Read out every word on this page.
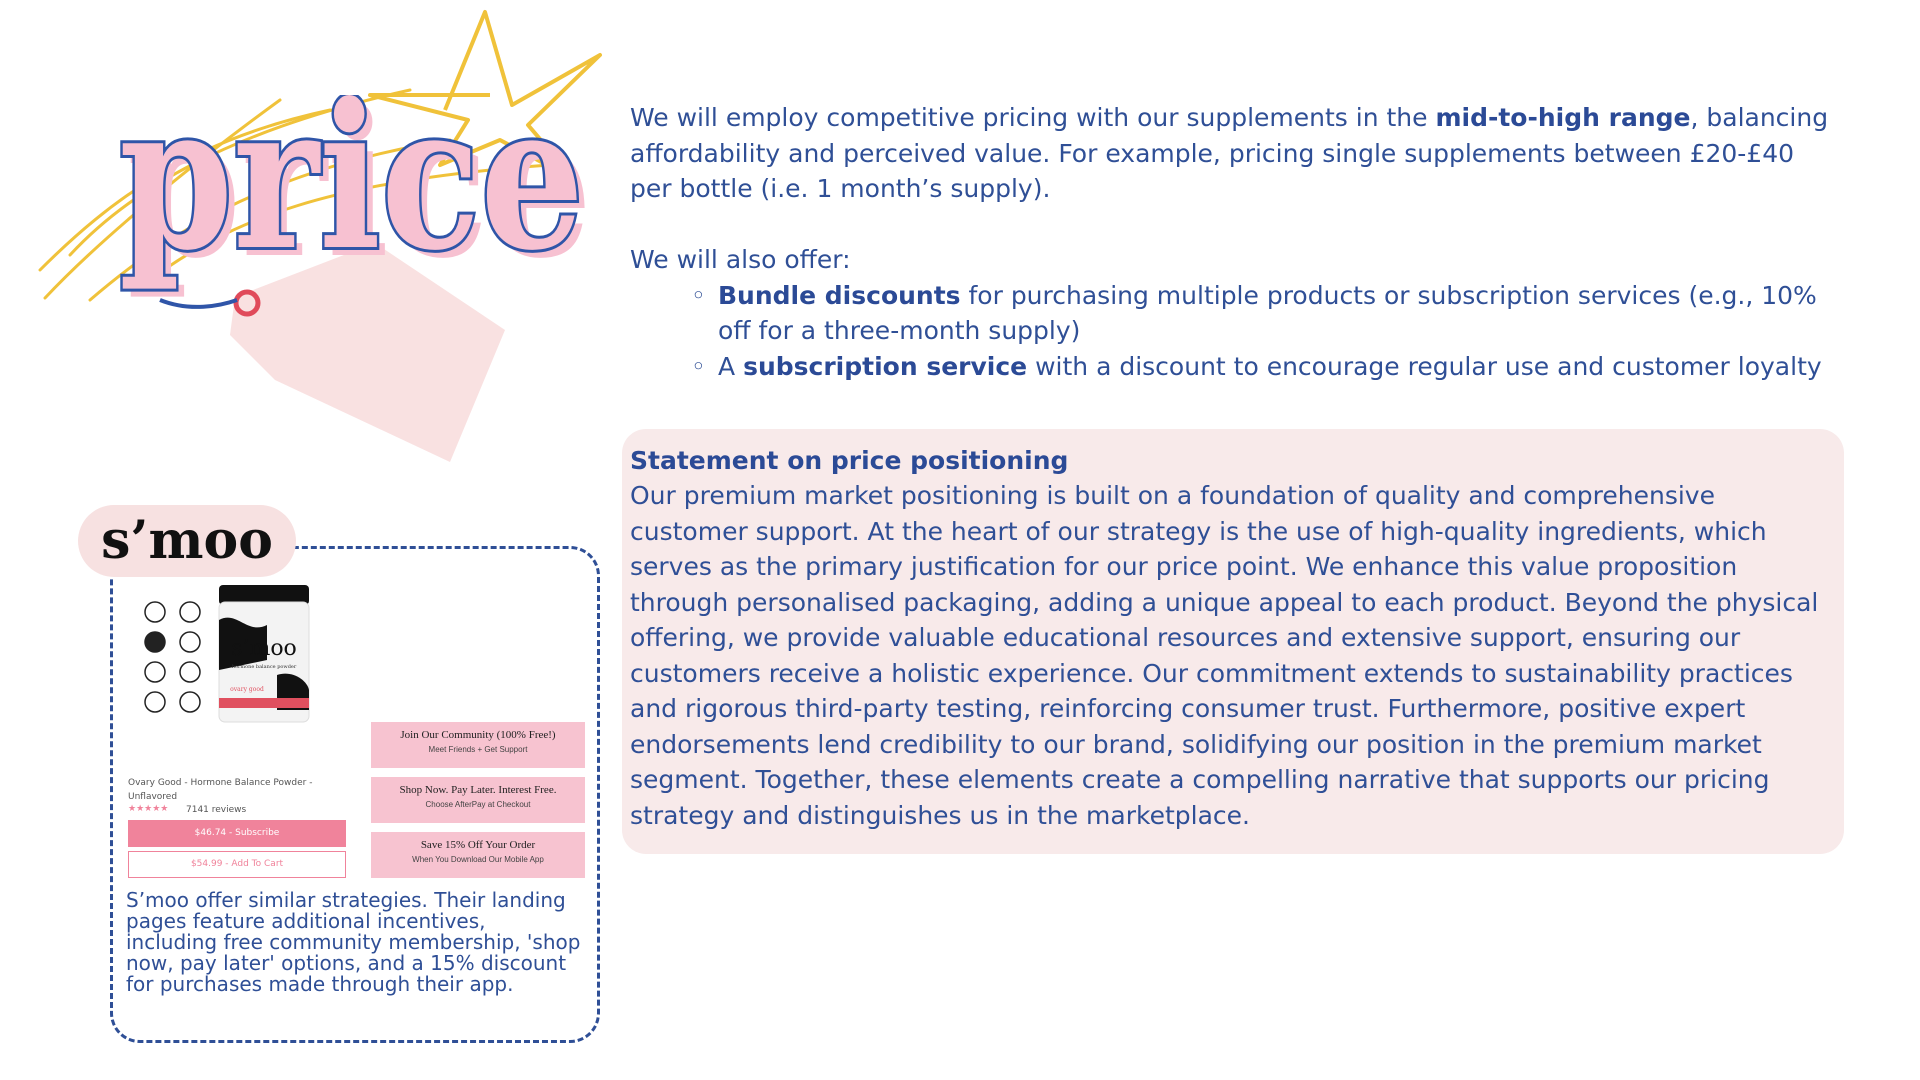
price
price We will employ competitive pricing with our supplements in the mid-to-high range, balancing affordability and perceived value. For example, pricing single supplements between £20-£40 per bottle (i.e. 1 month’s supply).

We will also offer:

◦ Bundle discounts for purchasing multiple products or subscription services (e.g., 10% off for a three-month supply)
◦ A subscription service with a discount to encourage regular use and customer loyalty
Statement on price positioning

Our premium market positioning is built on a foundation of quality and comprehensive customer support. At the heart of our strategy is the use of high-quality ingredients, which serves as the primary justification for our price point. We enhance this value proposition through personalised packaging, adding a unique appeal to each product. Beyond the physical offering, we provide valuable educational resources and extensive support, ensuring our customers receive a holistic experience. Our commitment extends to sustainability practices and rigorous third-party testing, reinforcing consumer trust. Furthermore, positive expert endorsements lend credibility to our brand, solidifying our position in the premium market segment. Together, these elements create a compelling narrative that supports our pricing strategy and distinguishes us in the marketplace.

s’moo
s’moo
hormone balance powder
ovary good
Ovary Good - Hormone Balance Powder - Unflavored
★★★★★ 7141 reviews
$46.74 - Subscribe
$54.99 - Add To Cart
Join Our Community (100% Free!)
Meet Friends + Get Support
Shop Now. Pay Later. Interest Free.
Choose AfterPay at Checkout
Save 15% Off Your Order
When You Download Our Mobile App

S’moo offer similar strategies. Their landing pages feature additional incentives, including free community membership, 'shop now, pay later' options, and a 15% discount for purchases made through their app.
